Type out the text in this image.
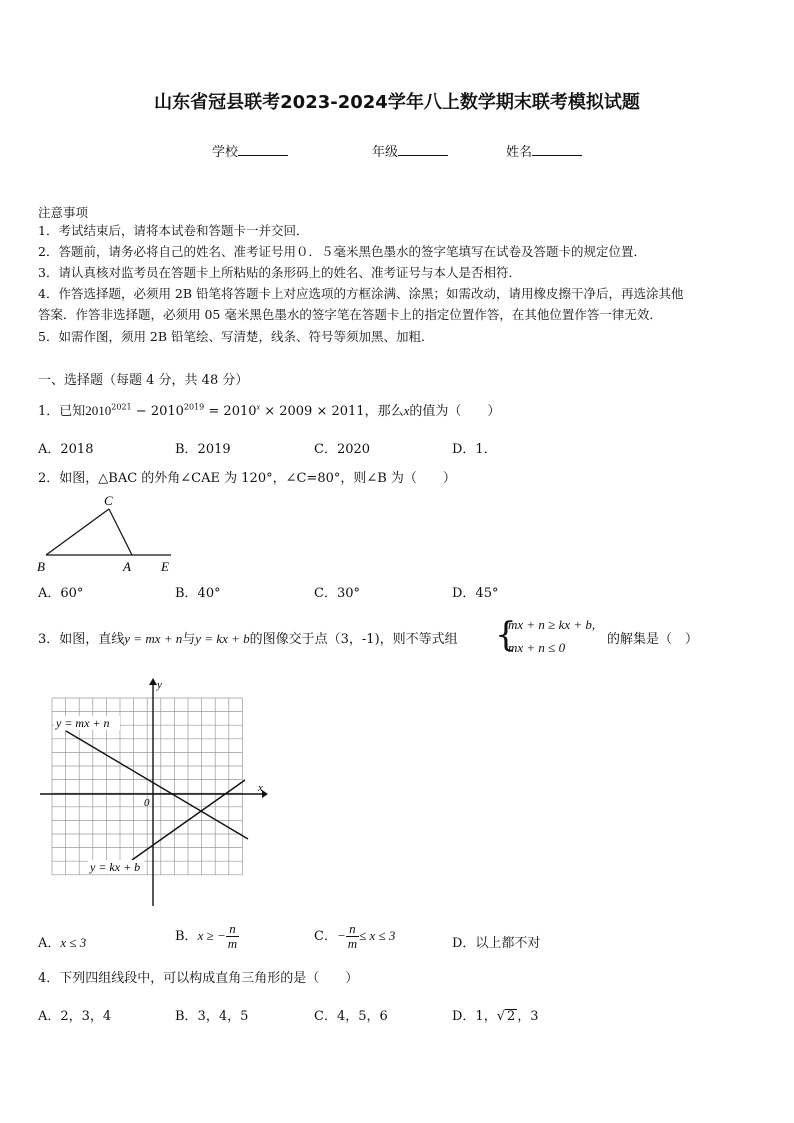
山东省冠县联考2023-2024学年八上数学期末联考模拟试题
学校	年级	姓名
注意事项
1．考试结束后，请将本试卷和答题卡一并交回．
2．答题前，请务必将自己的姓名、准考证号用０．５毫米黑色墨水的签字笔填写在试卷及答题卡的规定位置．
3．请认真核对监考员在答题卡上所粘贴的条形码上的姓名、准考证号与本人是否相符．
4．作答选择题，必须用 2B 铅笔将答题卡上对应选项的方框涂满、涂黑；如需改动，请用橡皮擦干净后，再选涂其他
答案．作答非选择题，必须用 05 毫米黑色墨水的签字笔在答题卡上的指定位置作答，在其他位置作答一律无效．
5．如需作图，须用 2B 铅笔绘、写清楚，线条、符号等须加黑、加粗．
一、选择题（每题 4 分，共 48 分）
1．已知$2010^{2021} - 2010^{2019} = 2010^x \times 2009 \times 2011$，那么x的值为（　　）
A．2018	B．2019	C．2020	D．1．
2．如图，△BAC 的外角∠CAE 为 120°，∠C=80°，则∠B 为（　　）
C
B	A E
A．60°	B．40°	C．30°	D．45°
3．如图，直线y = mx + n与y = kx + b的图像交于点（3，-1)，则不等式组 {
mx + n ≥ kx + b,
mx + n ≤ 0
的解集是（　）
x
y
0
y = mx + n
y = kx + b
A．x ≤ 3	B．x ≥ − $\frac{n}{m}$	C．− $\frac{n}{m} \le x \le 3$
D．以上都不对
4．下列四组线段中，可以构成直角三角形的是（　　）
A．2，3，4	B．3，4，5	C．4，5，6	D．1，√ 2 ，3
